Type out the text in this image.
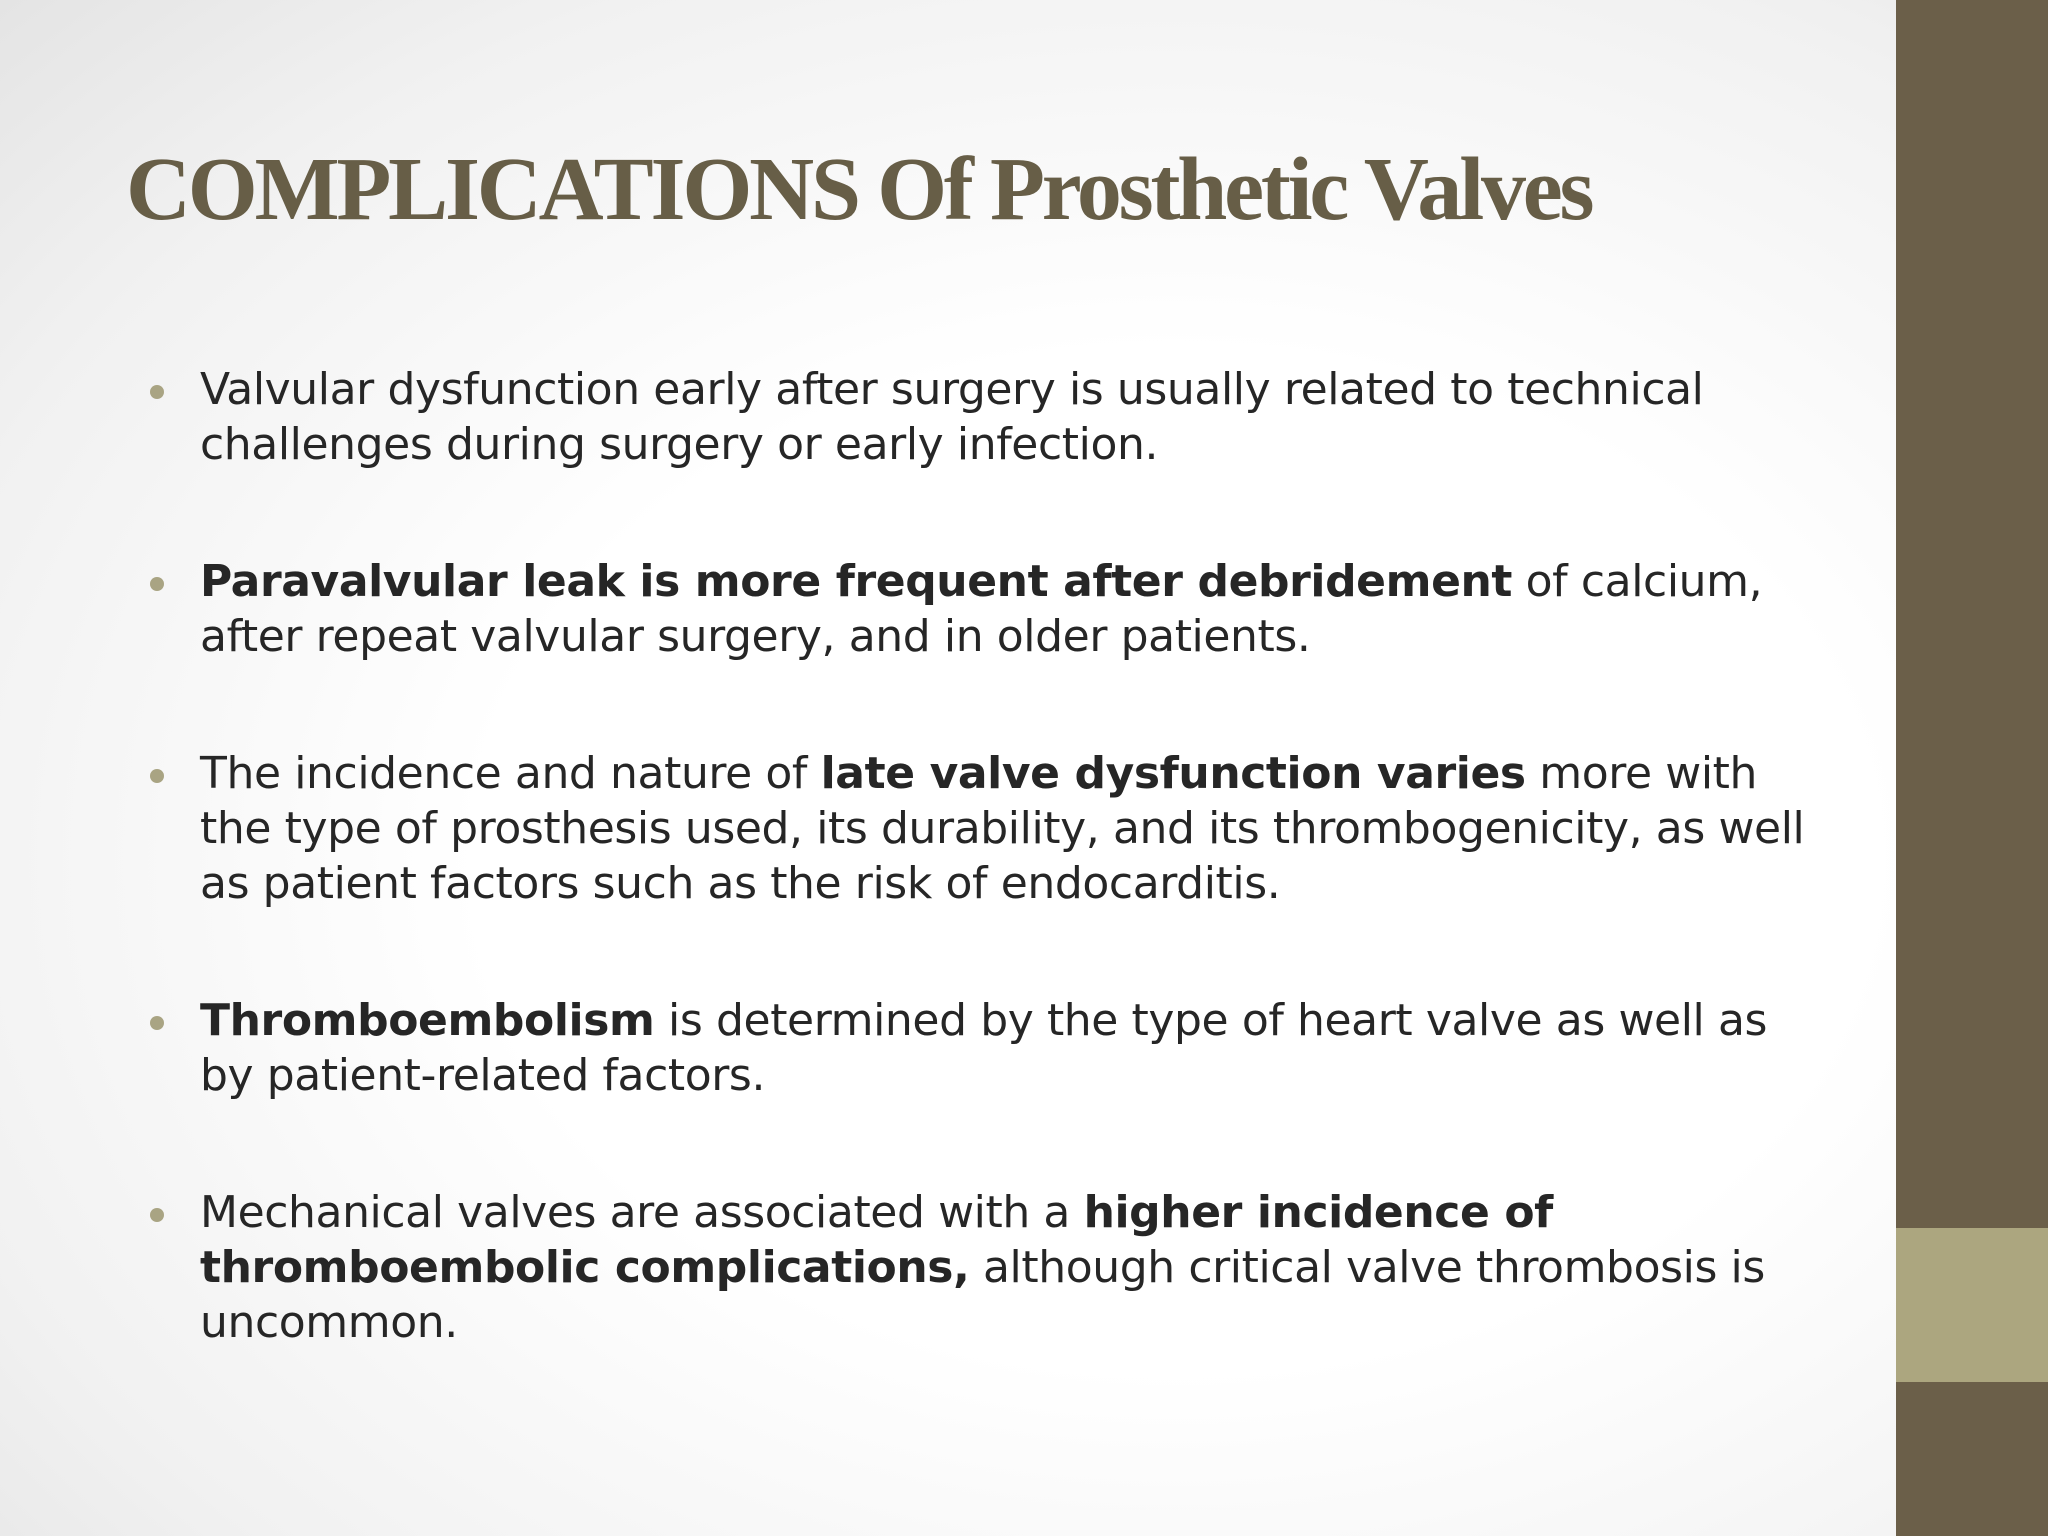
COMPLICATIONS Of Prosthetic Valves
Valvular dysfunction early after surgery is usually related to technical challenges during surgery or early infection.
Paravalvular leak is more frequent after debridement of calcium, after repeat valvular surgery, and in older patients.
The incidence and nature of late valve dysfunction varies more with the type of prosthesis used, its durability, and its thrombogenicity, as well as patient factors such as the risk of endocarditis.
Thromboembolism is determined by the type of heart valve as well as by patient-related factors.
Mechanical valves are associated with a higher incidence of thromboembolic complications, although critical valve thrombosis is uncommon.
